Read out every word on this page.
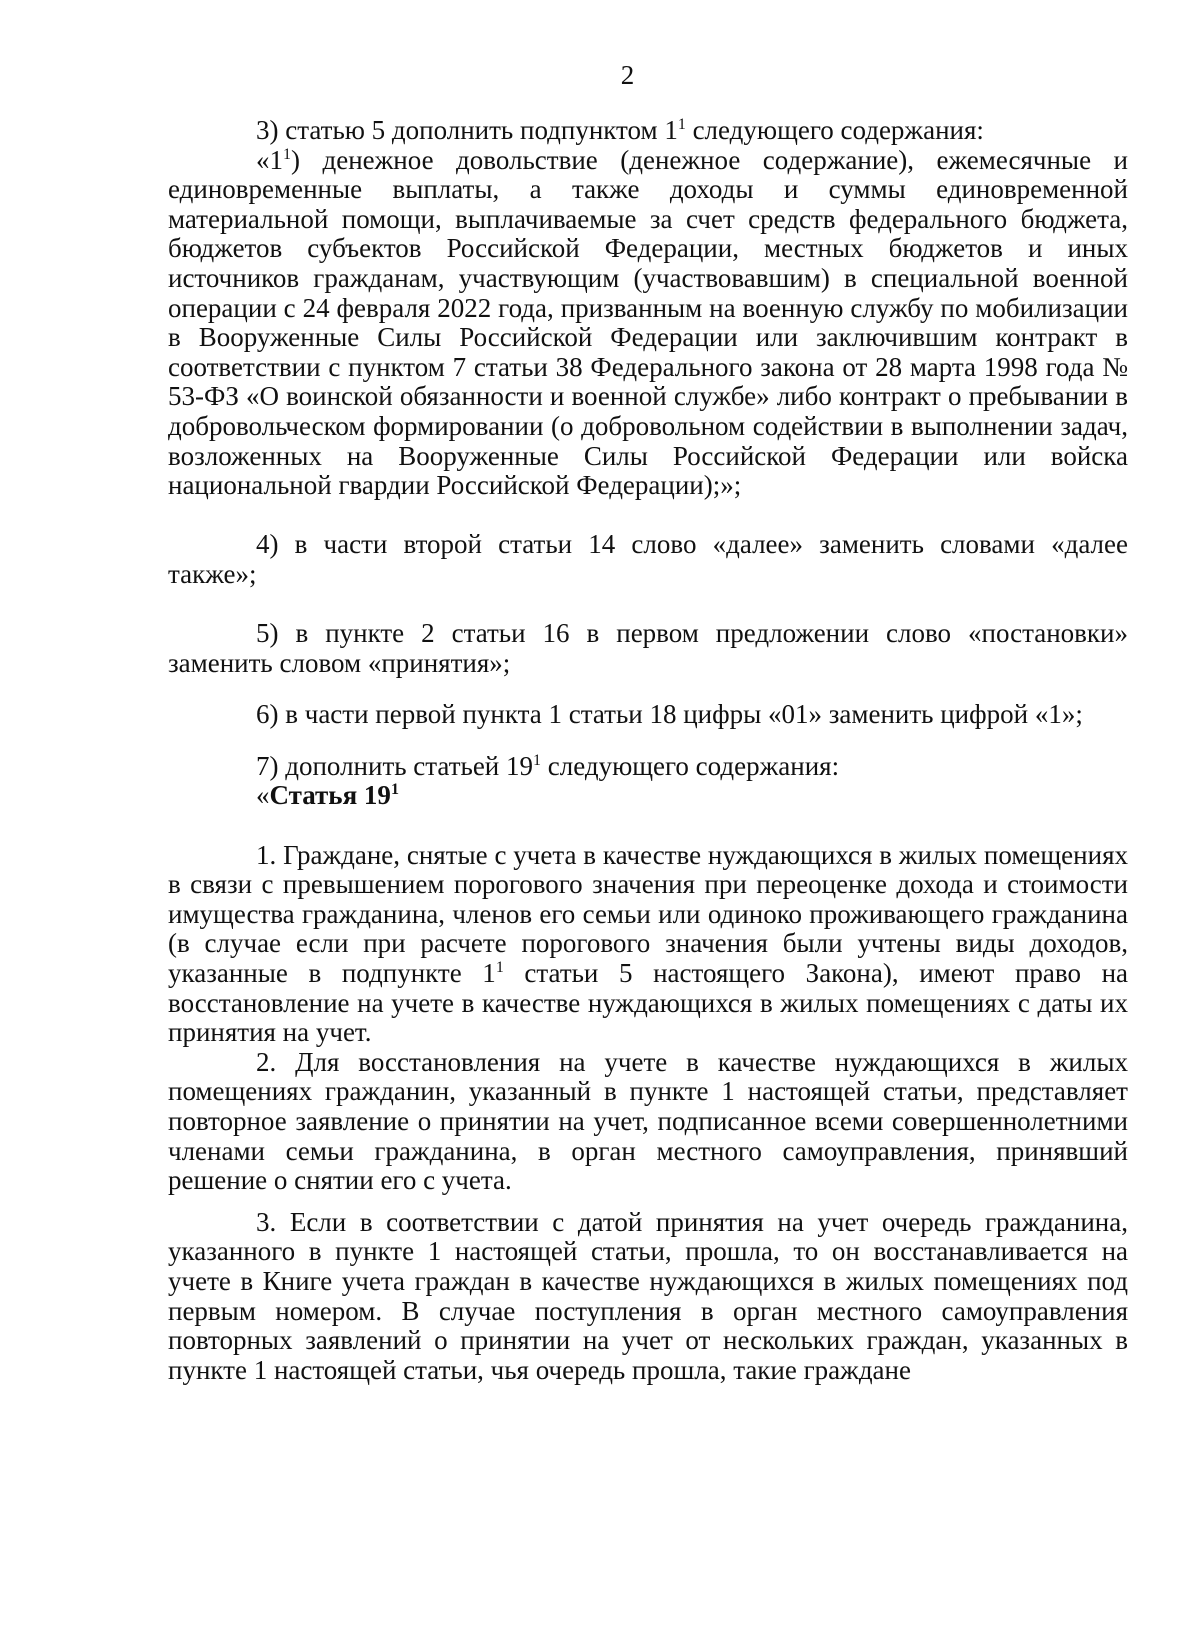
2

3) статью 5 дополнить подпунктом $1^1$ следующего содержания:

«$1^1$) денежное довольствие (денежное содержание), ежемесячные и единовременные выплаты, а также доходы и суммы единовременной материальной помощи, выплачиваемые за счет средств федерального бюджета, бюджетов субъектов Российской Федерации, местных бюджетов и иных источников гражданам, участвующим (участвовавшим) в специальной военной операции с 24 февраля 2022 года, призванным на военную службу по мобилизации в Вооруженные Силы Российской Федерации или заключившим контракт в соответствии с пунктом 7 статьи 38 Федерального закона от 28 марта 1998 года № 53-ФЗ «О воинской обязанности и военной службе» либо контракт о пребывании в добровольческом формировании (о добровольном содействии в выполнении задач, возложенных на Вооруженные Силы Российской Федерации или войска национальной гвардии Российской Федерации);»;

4) в части второй статьи 14 слово «далее» заменить словами «далее также»;

5) в пункте 2 статьи 16 в первом предложении слово «постановки» заменить словом «принятия»;

6) в части первой пункта 1 статьи 18 цифры «01» заменить цифрой «1»;

7) дополнить статьей $19^1$ следующего содержания:

«Статья $19^1$

1. Граждане, снятые с учета в качестве нуждающихся в жилых помещениях в связи с превышением порогового значения при переоценке дохода и стоимости имущества гражданина, членов его семьи или одиноко проживающего гражданина (в случае если при расчете порогового значения были учтены виды доходов, указанные в подпункте $1^1$ статьи 5 настоящего Закона), имеют право на восстановление на учете в качестве нуждающихся в жилых помещениях с даты их принятия на учет.

2. Для восстановления на учете в качестве нуждающихся в жилых помещениях гражданин, указанный в пункте 1 настоящей статьи, представляет повторное заявление о принятии на учет, подписанное всеми совершеннолетними членами семьи гражданина, в орган местного самоуправления, принявший решение о снятии его с учета.

3. Если в соответствии с датой принятия на учет очередь гражданина, указанного в пункте 1 настоящей статьи, прошла, то он восстанавливается на учете в Книге учета граждан в качестве нуждающихся в жилых помещениях под первым номером. В случае поступления в орган местного самоуправления повторных заявлений о принятии на учет от нескольких граждан, указанных в пункте 1 настоящей статьи, чья очередь прошла, такие граждане
